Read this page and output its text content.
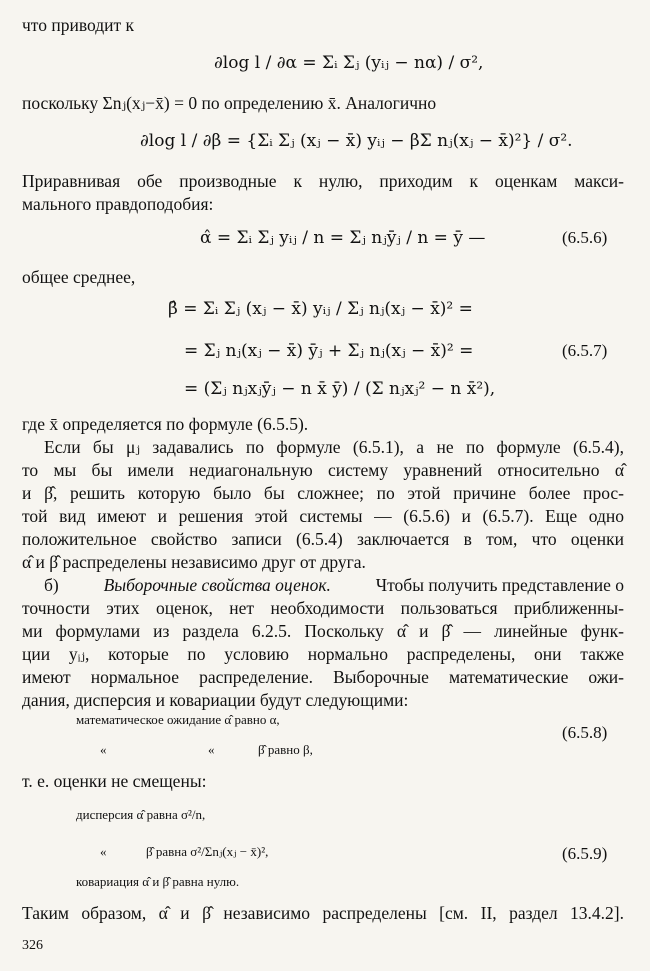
что приводит к
∂log l / ∂α = Σᵢ Σⱼ (yᵢⱼ − nα) / σ²,
поскольку Σnⱼ(xⱼ−x̄) = 0 по определению x̄. Аналогично
∂log l / ∂β = {Σᵢ Σⱼ (xⱼ − x̄) yᵢⱼ − βΣ nⱼ(xⱼ − x̄)²} / σ².
Приравнивая обе производные к нулю, приходим к оценкам макси-
мального правдоподобия:
α̂ = Σᵢ Σⱼ yᵢⱼ / n = Σⱼ nⱼȳⱼ / n = ȳ —	(6.5.6)
общее среднее,
β̂ = Σᵢ Σⱼ (xⱼ − x̄) yᵢⱼ / Σⱼ nⱼ(xⱼ − x̄)² =
= Σⱼ nⱼ(xⱼ − x̄) ȳⱼ + Σⱼ nⱼ(xⱼ − x̄)² =	(6.5.7)
= (Σⱼ nⱼxⱼȳⱼ − n x̄ ȳ) / (Σ nⱼxⱼ² − n x̄²),
где x̄ определяется по формуле (6.5.5).
Если бы μⱼ задавались по формуле (6.5.1), а не по формуле (6.5.4),
то мы бы имели недиагональную систему уравнений относительно α̂
и β̂, решить которую было бы сложнее; по этой причине более прос-
той вид имеют и решения этой системы — (6.5.6) и (6.5.7). Еще одно
положительное свойство записи (6.5.4) заключается в том, что оценки
α̂ и β̂ распределены независимо друг от друга.
б)	Выборочные свойства оценок.	Чтобы получить представление о
точности этих оценок, нет необходимости пользоваться приближенны-
ми формулами из раздела 6.2.5. Поскольку α̂ и β̂ — линейные функ-
ции yᵢⱼ, которые по условию нормально распределены, они также
имеют нормальное распределение. Выборочные математические ожи-
дания, дисперсия и ковариации будут следующими:
математическое ожидание α̂ равно α,
«	«	β̂ равно β,
(6.5.8)
т. е. оценки не смещены:
дисперсия α̂ равна σ²/n,
«	β̂ равна σ²/Σnⱼ(xⱼ − x̄)²,	(6.5.9)
ковариация α̂ и β̂ равна нулю.
Таким образом, α̂ и β̂ независимо распределены [см. II, раздел 13.4.2].
326
